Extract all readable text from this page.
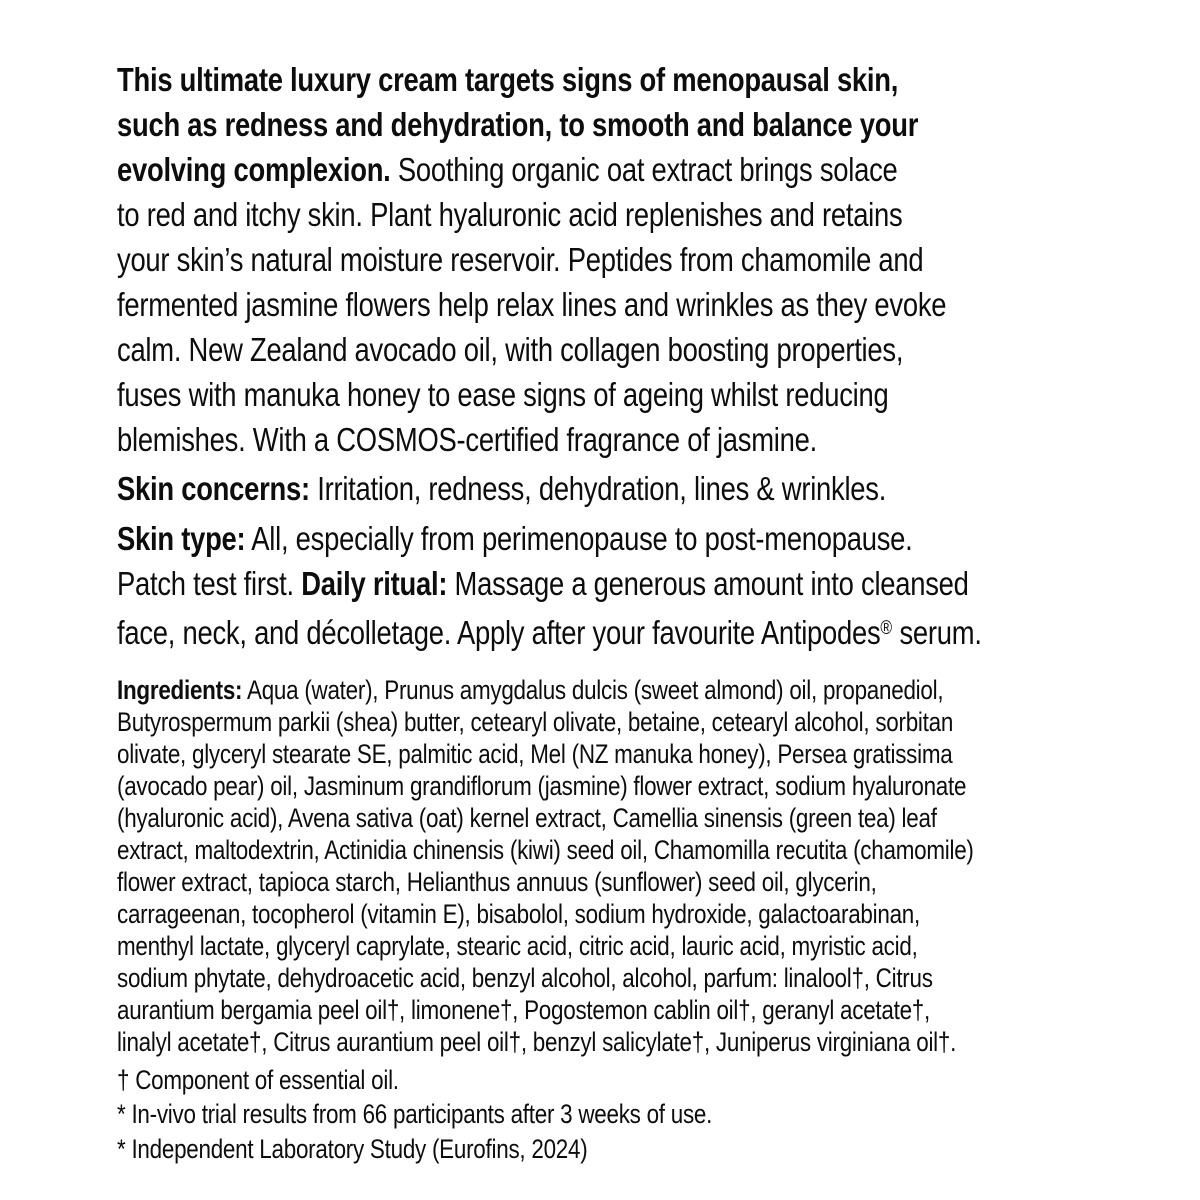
This ultimate luxury cream targets signs of menopausal skin,
such as redness and dehydration, to smooth and balance your
evolving complexion. Soothing organic oat extract brings solace
to red and itchy skin. Plant hyaluronic acid replenishes and retains
your skin’s natural moisture reservoir. Peptides from chamomile and
fermented jasmine flowers help relax lines and wrinkles as they evoke
calm. New Zealand avocado oil, with collagen boosting properties,
fuses with manuka honey to ease signs of ageing whilst reducing
blemishes. With a COSMOS-certified fragrance of jasmine.
Skin concerns: Irritation, redness, dehydration, lines & wrinkles.
Skin type: All, especially from perimenopause to post-menopause.
Patch test first. Daily ritual: Massage a generous amount into cleansed
face, neck, and décolletage. Apply after your favourite Antipodes® serum.
Ingredients: Aqua (water), Prunus amygdalus dulcis (sweet almond) oil, propanediol,
Butyrospermum parkii (shea) butter, cetearyl olivate, betaine, cetearyl alcohol, sorbitan
olivate, glyceryl stearate SE, palmitic acid, Mel (NZ manuka honey), Persea gratissima
(avocado pear) oil, Jasminum grandiflorum (jasmine) flower extract, sodium hyaluronate
(hyaluronic acid), Avena sativa (oat) kernel extract, Camellia sinensis (green tea) leaf
extract, maltodextrin, Actinidia chinensis (kiwi) seed oil, Chamomilla recutita (chamomile)
flower extract, tapioca starch, Helianthus annuus (sunflower) seed oil, glycerin,
carrageenan, tocopherol (vitamin E), bisabolol, sodium hydroxide, galactoarabinan,
menthyl lactate, glyceryl caprylate, stearic acid, citric acid, lauric acid, myristic acid,
sodium phytate, dehydroacetic acid, benzyl alcohol, alcohol, parfum: linalool†, Citrus
aurantium bergamia peel oil†, limonene†, Pogostemon cablin oil†, geranyl acetate†,
linalyl acetate†, Citrus aurantium peel oil†, benzyl salicylate†, Juniperus virginiana oil†.
† Component of essential oil.
* In-vivo trial results from 66 participants after 3 weeks of use.
* Independent Laboratory Study (Eurofins, 2024)
